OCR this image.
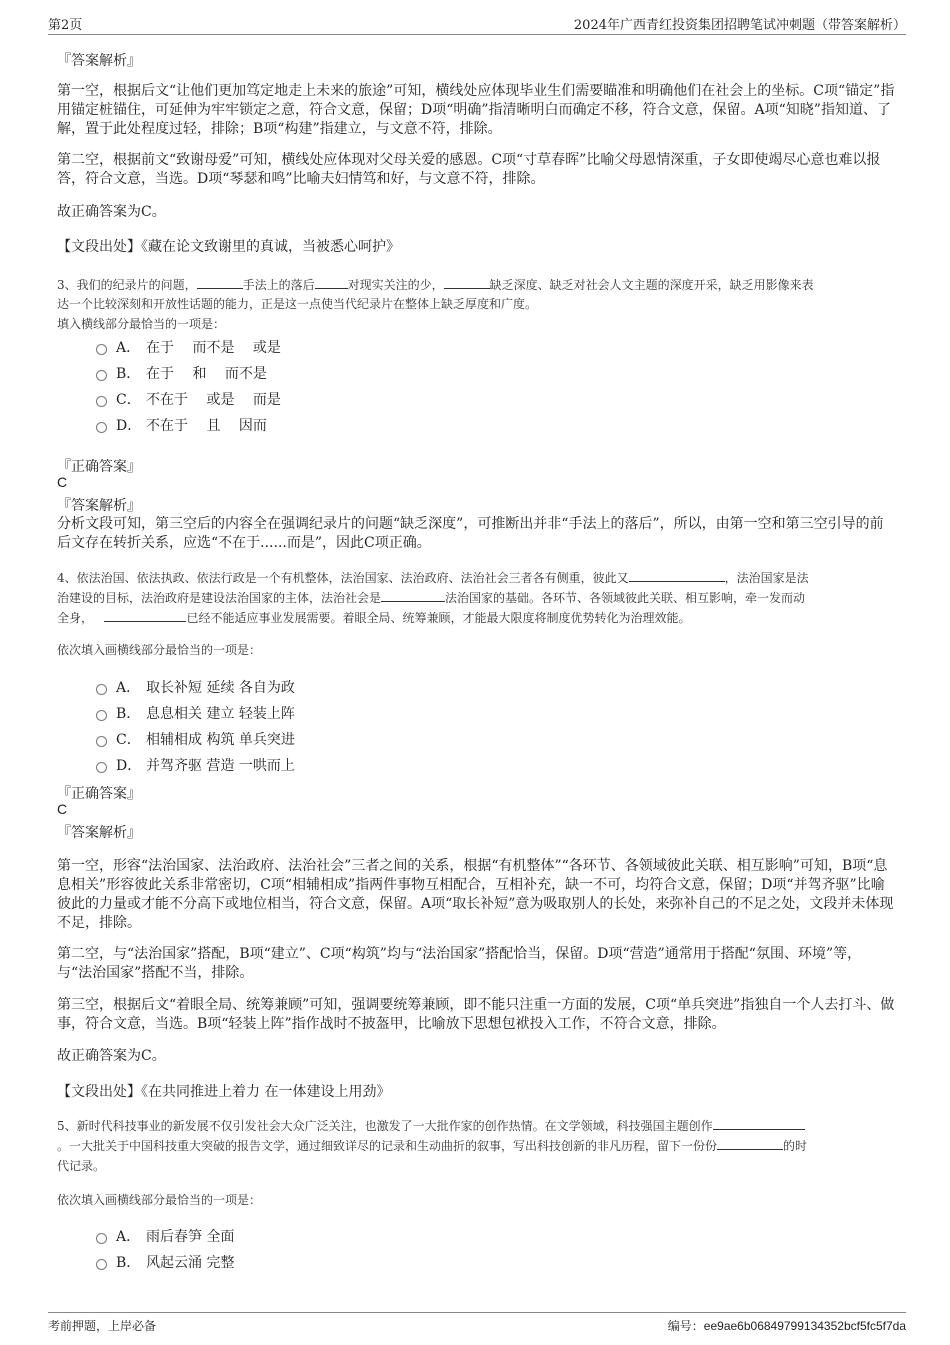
第2页	2024年广西青红投资集团招聘笔试冲刺题（带答案解析）
『答案解析』
第一空，根据后文“让他们更加笃定地走上未来的旅途”可知，横线处应体现毕业生们需要瞄准和明确他们在社会上的坐标。C项“锚定”指用锚定桩锚住，可延伸为牢牢锁定之意，符合文意，保留；D项“明确”指清晰明白而确定不移，符合文意，保留。A项“知晓”指知道、了解，置于此处程度过轻，排除；B项“构建”指建立，与文意不符，排除。
第二空，根据前文“致谢母爱”可知，横线处应体现对父母关爱的感恩。C项“寸草春晖”比喻父母恩情深重，子女即使竭尽心意也难以报答，符合文意，当选。D项“琴瑟和鸣”比喻夫妇情笃和好，与文意不符，排除。
故正确答案为C。
【文段出处】《藏在论文致谢里的真诚，当被悉心呵护》
3、我们的纪录片的问题，	手法上的落后	对现实关注的少，	缺乏深度、缺乏对社会人文主题的深度开采，缺乏用影像来表
达一个比较深刻和开放性话题的能力，正是这一点使当代纪录片在整体上缺乏厚度和广度。
填入横线部分最恰当的一项是：
A． 在于　 而不是　 或是
B． 在于　 和　 而不是
C． 不在于　 或是　 而是
D． 不在于　 且　 因而
『正确答案』
C
『答案解析』
分析文段可知，第三空后的内容全在强调纪录片的问题“缺乏深度”，可推断出并非“手法上的落后”，所以，由第一空和第三空引导的前后文存在转折关系，应选“不在于......而是”，因此C项正确。
4、依法治国、依法执政、依法行政是一个有机整体，法治国家、法治政府、法治社会三者各有侧重，彼此又	，法治国家是法
治建设的目标，法治政府是建设法治国家的主体，法治社会是	法治国家的基础。各环节、各领域彼此关联、相互影响，牵一发而动
全身，	已经不能适应事业发展需要。着眼全局、统筹兼顾，才能最大限度将制度优势转化为治理效能。
依次填入画横线部分最恰当的一项是：
A． 取长补短 延续 各自为政
B． 息息相关 建立 轻装上阵
C． 相辅相成 构筑 单兵突进
D． 并驾齐驱 营造 一哄而上
『正确答案』
C
『答案解析』
第一空，形容“法治国家、法治政府、法治社会”三者之间的关系，根据“有机整体”“各环节、各领域彼此关联、相互影响”可知，B项“息息相关”形容彼此关系非常密切，C项“相辅相成”指两件事物互相配合，互相补充，缺一不可，均符合文意，保留；D项“并驾齐驱”比喻彼此的力量或才能不分高下或地位相当，符合文意，保留。A项“取长补短”意为吸取别人的长处，来弥补自己的不足之处，文段并未体现不足，排除。
第二空，与“法治国家”搭配，B项“建立”、C项“构筑”均与“法治国家”搭配恰当，保留。D项“营造”通常用于搭配“氛围、环境”等，与“法治国家”搭配不当，排除。
第三空，根据后文“着眼全局、统筹兼顾”可知，强调要统筹兼顾，即不能只注重一方面的发展，C项“单兵突进”指独自一个人去打斗、做事，符合文意，当选。B项“轻装上阵”指作战时不披盔甲，比喻放下思想包袱投入工作，不符合文意，排除。
故正确答案为C。
【文段出处】《在共同推进上着力 在一体建设上用劲》
5、新时代科技事业的新发展不仅引发社会大众广泛关注，也激发了一大批作家的创作热情。在文学领域，科技强国主题创作
。一大批关于中国科技重大突破的报告文学，通过细致详尽的记录和生动曲折的叙事，写出科技创新的非凡历程，留下一份份	的时
代记录。
依次填入画横线部分最恰当的一项是：
A． 雨后春笋 全面
B． 风起云涌 完整
考前押题，上岸必备	编号：ee9ae6b06849799134352bcf5fc5f7da
